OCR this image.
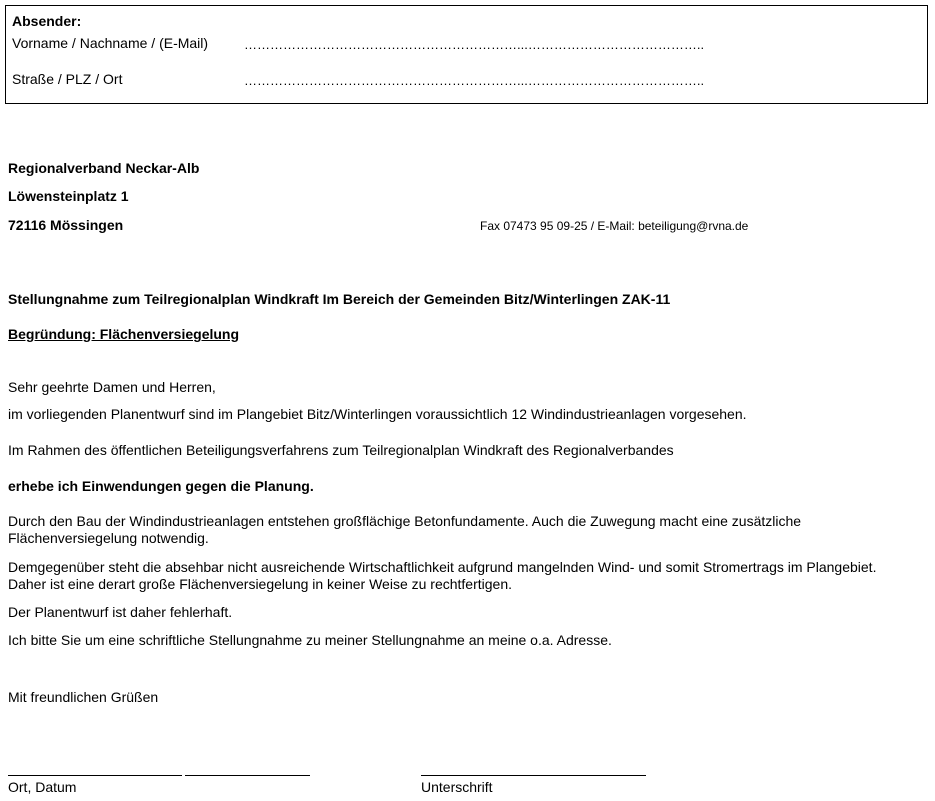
Absender:
Vorname / Nachname / (E-Mail)	………………………………………………………...…………………………………..
Straße / PLZ / Ort	………………………………………………………...…………………………………..
Regionalverband Neckar-Alb
Löwensteinplatz 1
72116 Mössingen	Fax 07473 95 09-25 / E-Mail: beteiligung@rvna.de
Stellungnahme zum Teilregionalplan Windkraft Im Bereich der Gemeinden Bitz/Winterlingen ZAK-11
Begründung: Flächenversiegelung
Sehr geehrte Damen und Herren,
im vorliegenden Planentwurf sind im Plangebiet Bitz/Winterlingen voraussichtlich 12 Windindustrieanlagen vorgesehen.
Im Rahmen des öffentlichen Beteiligungsverfahrens zum Teilregionalplan Windkraft des Regionalverbandes
erhebe ich Einwendungen gegen die Planung.
Durch den Bau der Windindustrieanlagen entstehen großflächige Betonfundamente. Auch die Zuwegung macht eine zusätzliche Flächenversiegelung notwendig.
Demgegenüber steht die absehbar nicht ausreichende Wirtschaftlichkeit aufgrund mangelnden Wind- und somit Stromertrags im Plangebiet. Daher ist eine derart große Flächenversiegelung in keiner Weise zu rechtfertigen.
Der Planentwurf ist daher fehlerhaft.
Ich bitte Sie um eine schriftliche Stellungnahme zu meiner Stellungnahme an meine o.a. Adresse.
Mit freundlichen Grüßen
Ort, Datum	Unterschrift
